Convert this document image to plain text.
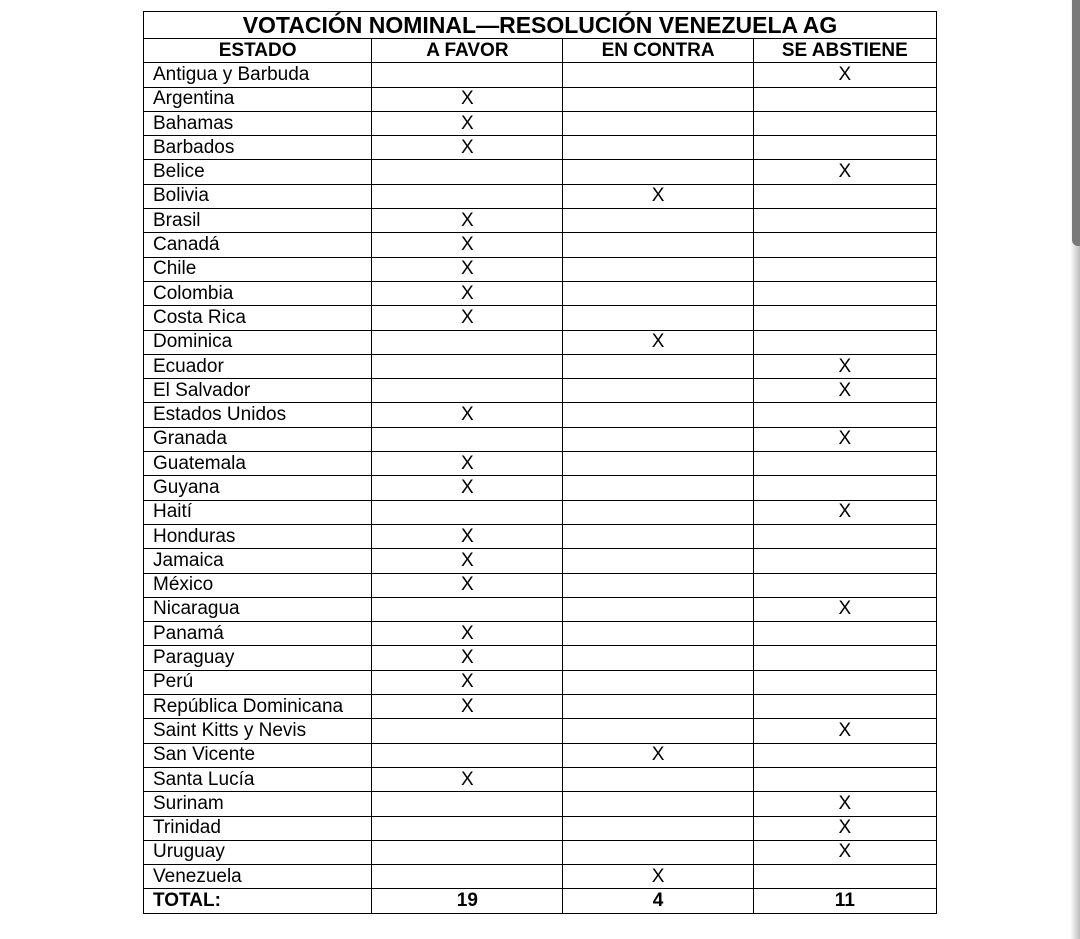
VOTACIÓN NOMINAL—RESOLUCIÓN VENEZUELA AG			
ESTADO	A FAVOR	EN CONTRA	SE ABSTIENE
Antigua y Barbuda			X
Argentina	X		
Bahamas	X		
Barbados	X		
Belice			X
Bolivia		X	
Brasil	X		
Canadá	X		
Chile	X		
Colombia	X		
Costa Rica	X		
Dominica		X	
Ecuador			X
El Salvador			X
Estados Unidos	X		
Granada			X
Guatemala	X		
Guyana	X		
Haití			X
Honduras	X		
Jamaica	X		
México	X		
Nicaragua			X
Panamá	X		
Paraguay	X		
Perú	X		
República Dominicana	X		
Saint Kitts y Nevis			X
San Vicente		X	
Santa Lucía	X		
Surinam			X
Trinidad			X
Uruguay			X
Venezuela		X	
TOTAL:	19	4	11
